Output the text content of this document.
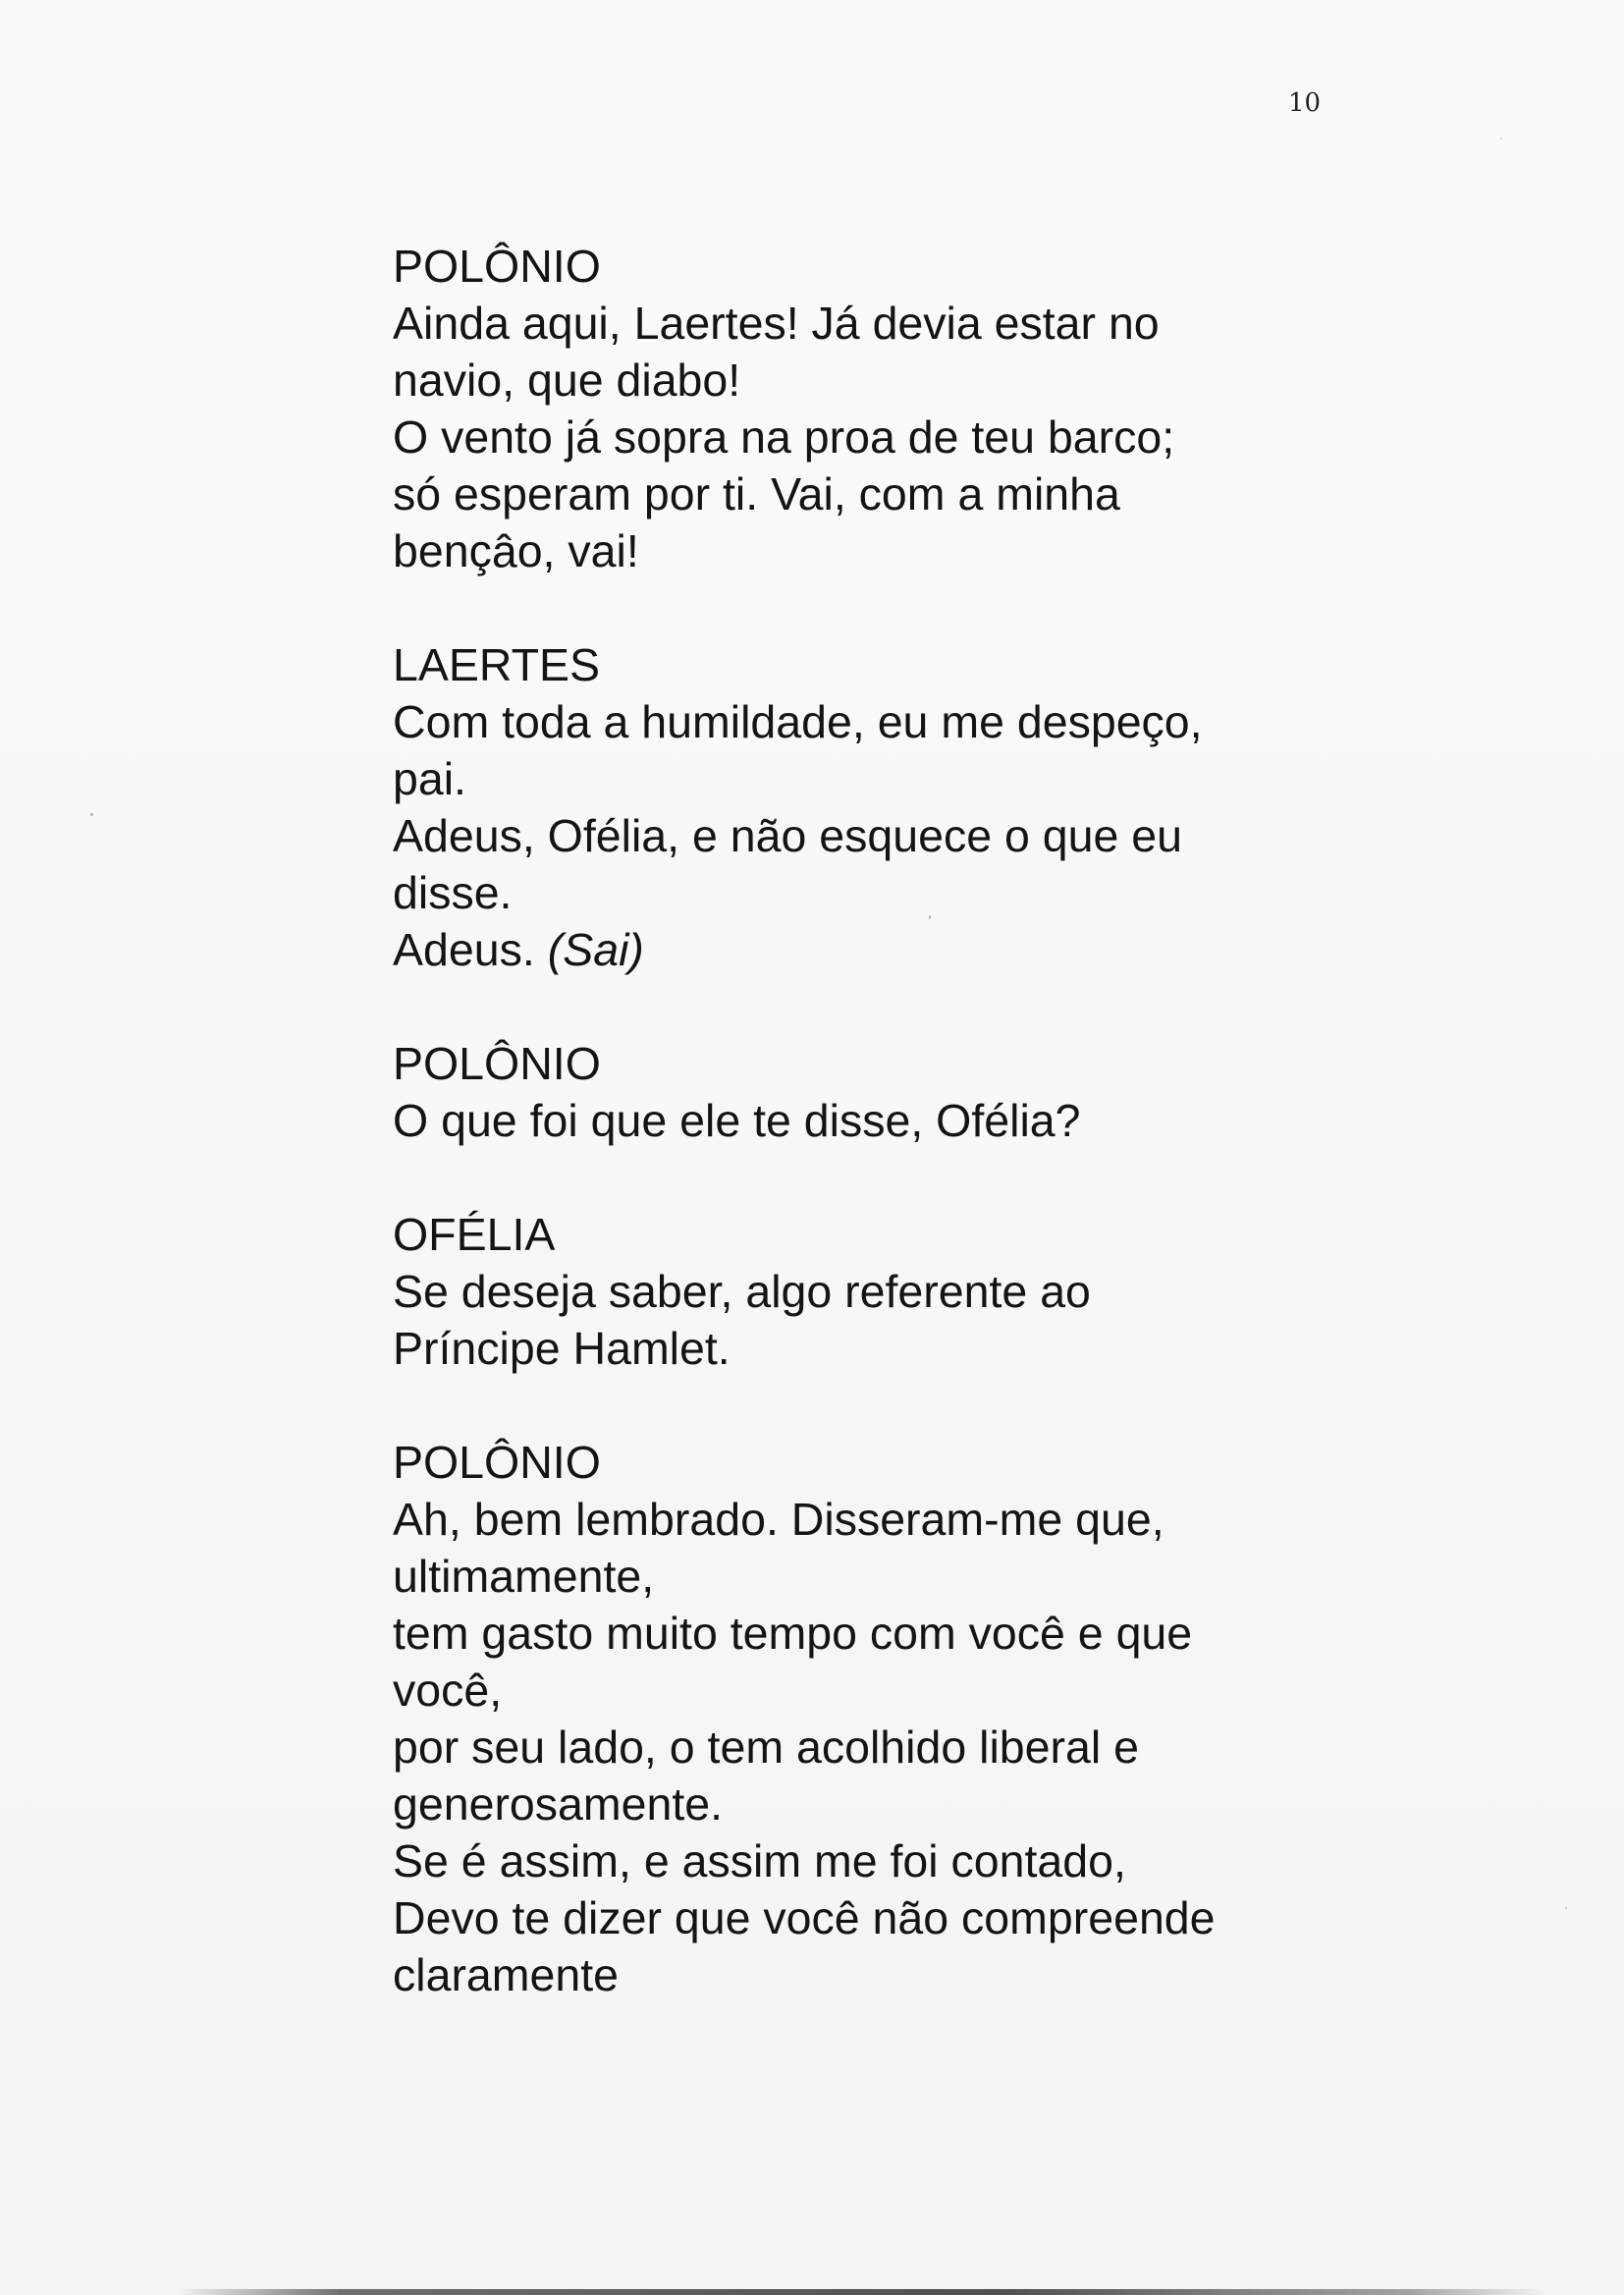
10
POLÔNIO
Ainda aqui, Laertes! Já devia estar no
navio, que diabo!
O vento já sopra na proa de teu barco;
só esperam por ti. Vai, com a minha
bençâo, vai!
LAERTES
Com toda a humildade, eu me despeço,
pai.
Adeus, Ofélia, e não esquece o que eu
disse.
Adeus. (Sai)
POLÔNIO
O que foi que ele te disse, Ofélia?
OFÉLIA
Se deseja saber, algo referente ao
Príncipe Hamlet.
POLÔNIO
Ah, bem lembrado. Disseram-me que,
ultimamente,
tem gasto muito tempo com você e que
você,
por seu lado, o tem acolhido liberal e
generosamente.
Se é assim, e assim me foi contado,
Devo te dizer que você não compreende
claramente
